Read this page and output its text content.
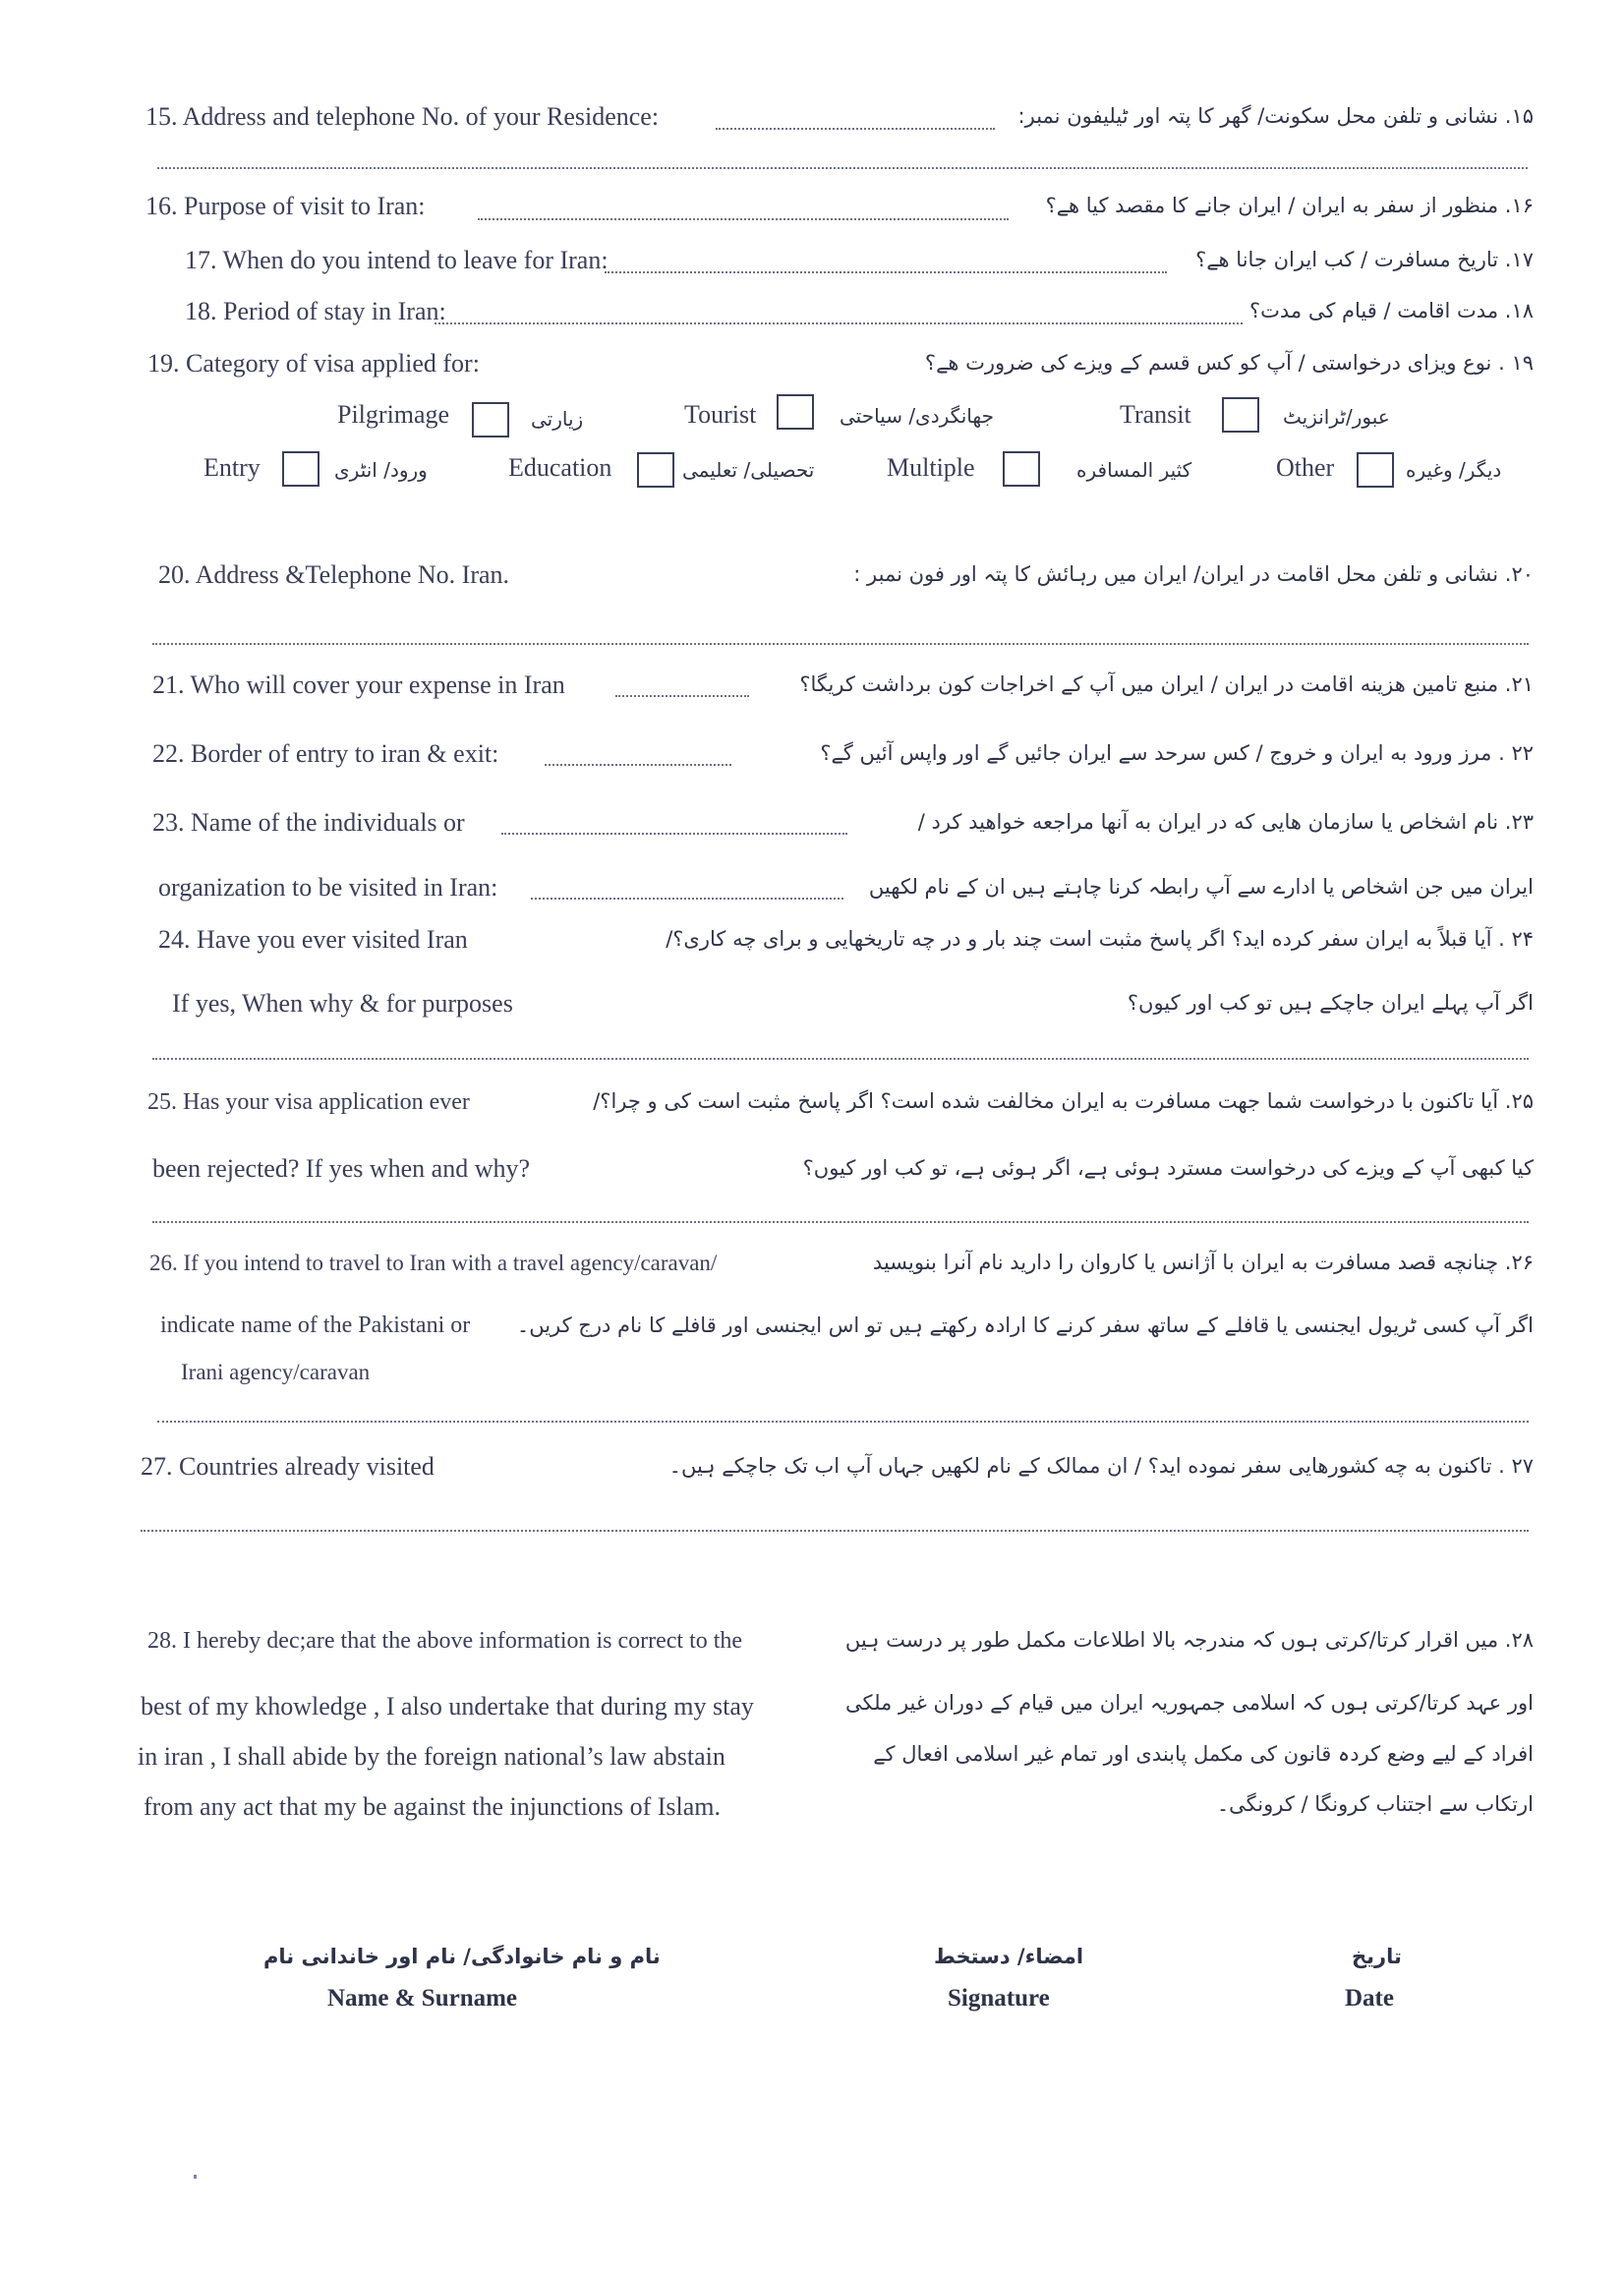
15. Address and telephone No. of your Residence:	۱۵. نشانی و تلفن محل سکونت/ گھر کا پتہ اور ٹیلیفون نمبر:
16. Purpose of visit to Iran:	۱۶. منظور از سفر به ایران / ایران جانے کا مقصد کیا هے؟
17. When do you intend to leave for Iran:	۱۷. تاریخ مسافرت / کب ایران جانا هے؟
18. Period of stay in Iran:	۱۸. مدت اقامت / قیام کی مدت؟
19. Category of visa applied for:	۱۹ . نوع ویزای درخواستی / آپ کو کس قسم کے ویزے کی ضرورت هے؟
Pilgrimage	زیارتی	Tourist	جهانگردی/ سیاحتی	Transit	عبور/ٹرانزیٹ
Entry	ورود/ انٹری	Education	تحصیلی/ تعلیمی	Multiple	کثیر المسافره	Other	دیگر/ وغیره
20. Address &Telephone No. Iran.	۲۰. نشانی و تلفن محل اقامت در ایران/ ایران میں رہائش کا پتہ اور فون نمبر :
21. Who will cover your expense in Iran	۲۱. منبع تامین هزینه اقامت در ایران / ایران میں آپ کے اخراجات کون برداشت کریگا؟
22. Border of entry to iran & exit:	۲۲ . مرز ورود به ایران و خروج / کس سرحد سے ایران جائیں گے اور واپس آئیں گے؟
23. Name of the individuals or	۲۳. نام اشخاص یا سازمان هایی که در ایران به آنها مراجعه خواهید کرد /
organization to be visited in Iran:	ایران میں جن اشخاص یا ادارے سے آپ رابطہ کرنا چاہتے ہیں ان کے نام لکھیں
24. Have you ever visited Iran	۲۴ . آیا قبلاً به ایران سفر کرده اید؟ اگر پاسخ مثبت است چند بار و در چه تاریخهایی و برای چه کاری؟/
If yes, When why & for purposes	اگر آپ پہلے ایران جاچکے ہیں تو کب اور کیوں؟
25. Has your visa application ever	۲۵. آیا تاکنون با درخواست شما جهت مسافرت به ایران مخالفت شده است؟ اگر پاسخ مثبت است کی و چرا؟/
been rejected? If yes when and why?	کیا کبھی آپ کے ویزے کی درخواست مسترد ہوئی ہے، اگر ہوئی ہے، تو کب اور کیوں؟
26. If you intend to travel to Iran with a travel agency/caravan/	۲۶. چنانچه قصد مسافرت به ایران با آژانس یا کاروان را دارید نام آنرا بنویسید
indicate name of the Pakistani or اگر آپ کسی ٹریول ایجنسی یا قافلے کے ساتھ سفر کرنے کا ارادہ رکھتے ہیں تو اس ایجنسی اور قافلے کا نام درج کریں۔
Irani agency/caravan
27. Countries already visited	۲۷ . تاکنون به چه کشورهایی سفر نموده اید؟ / ان ممالک کے نام لکھیں جہاں آپ اب تک جاچکے ہیں۔
28. I hereby dec;are that the above information is correct to the
best of my khowledge , I also undertake that during my stay
in iran , I shall abide by the foreign national’s law abstain
from any act that my be against the injunctions of Islam.
۲۸. میں اقرار کرتا/کرتی ہوں کہ مندرجہ بالا اطلاعات مکمل طور پر درست ہیں
اور عہد کرتا/کرتی ہوں کہ اسلامی جمہوریہ ایران میں قیام کے دوران غیر ملکی
افراد کے لیے وضع کردہ قانون کی مکمل پابندی اور تمام غیر اسلامی افعال کے
ارتکاب سے اجتناب کرونگا / کرونگی۔
نام و نام خانوادگی/ نام اور خاندانی نام
Name & Surname
امضاء/ دستخط
Signature
تاریخ
Date
